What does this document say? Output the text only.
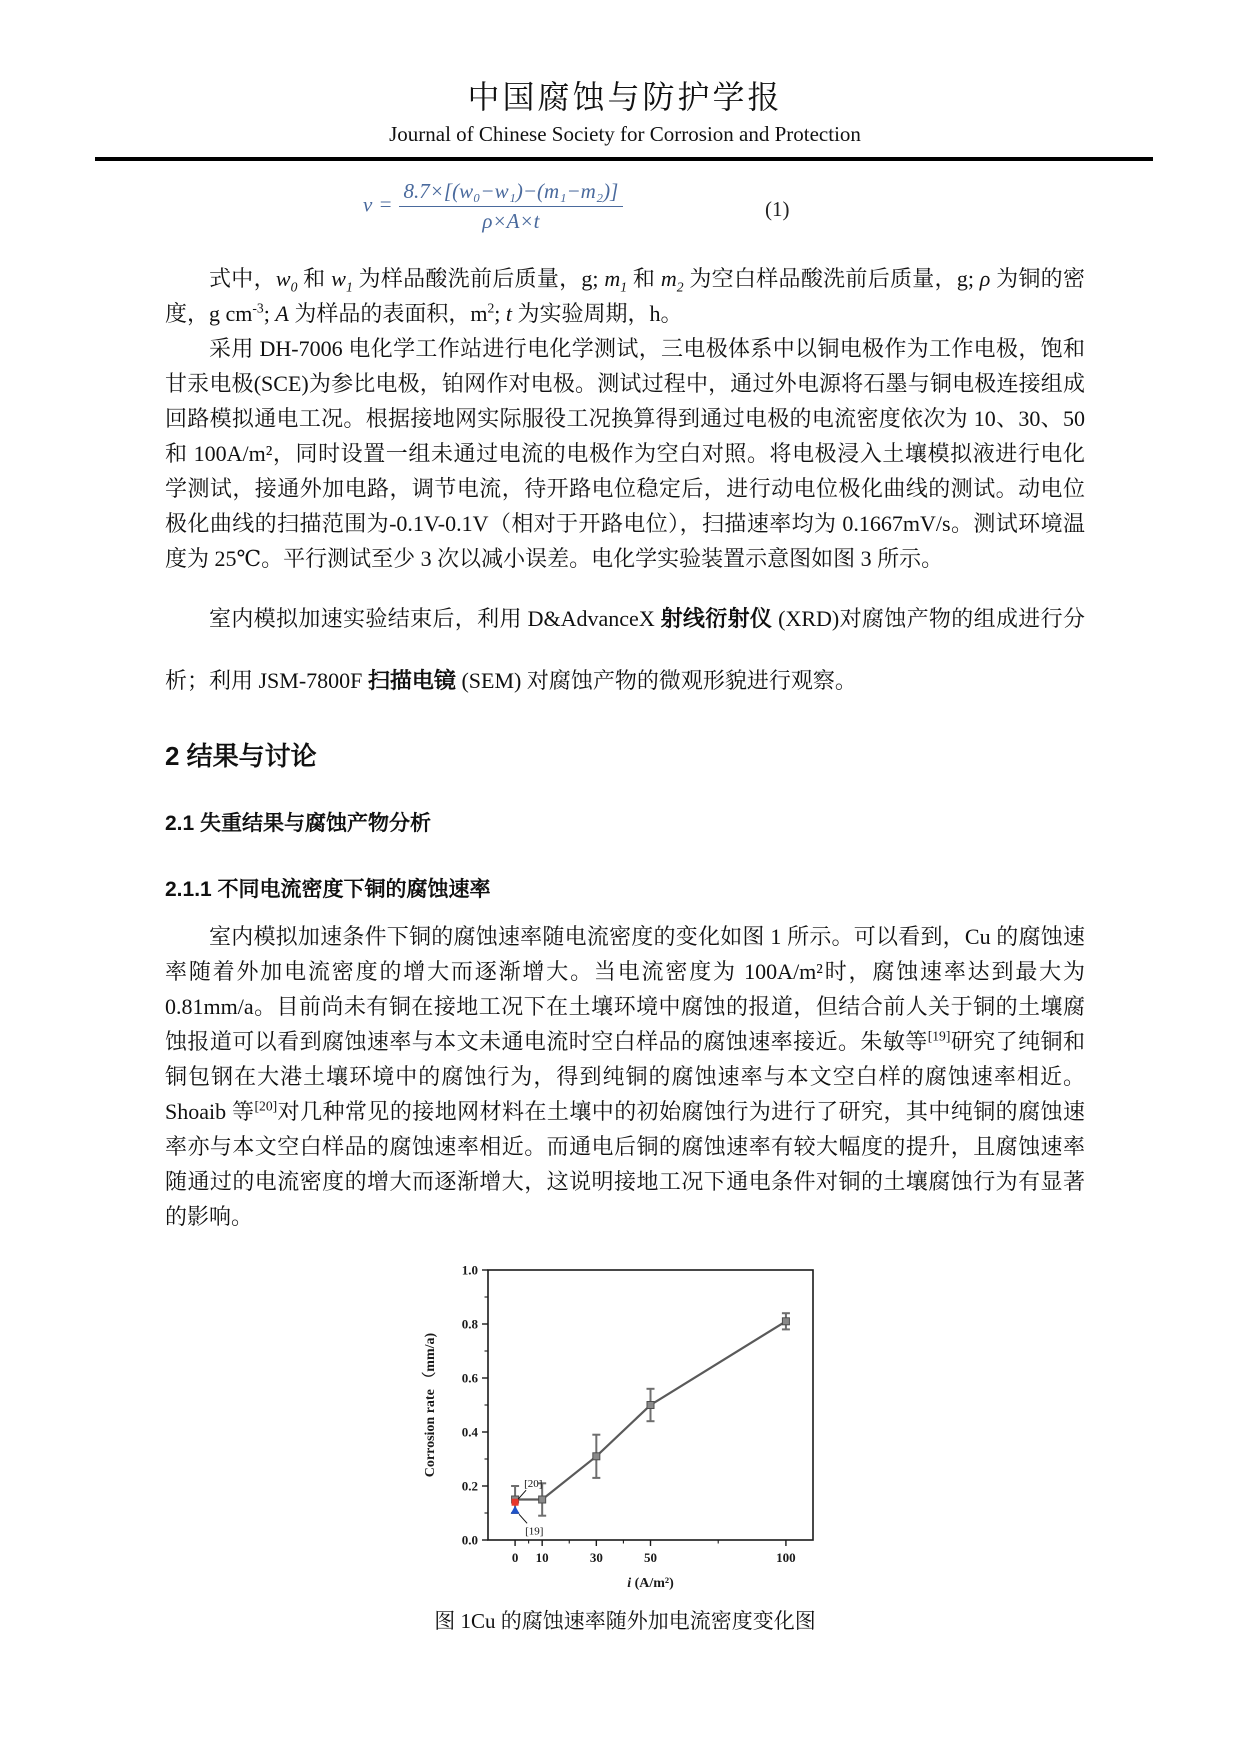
中国腐蚀与防护学报
Journal of Chinese Society for Corrosion and Protection
$v = \frac{\text{8.7×[(w₀−w₁)−(m₁−m₂)]}}{\rho\times A\times t}$	(1)

式中，$w_0$ 和 $w_1$ 为样品酸洗前后质量，g; $m_1$ 和 $m_2$ 为空白样品酸洗前后质量，g; ρ 为铜的密度，g $cm^{-3}$; A 为样品的表面积，$m^2$; t 为实验周期，h。

采用 DH-7006 电化学工作站进行电化学测试，三电极体系中以铜电极作为工作电极，饱和甘汞电极(SCE)为参比电极，铂网作对电极。测试过程中，通过外电源将石墨与铜电极连接组成回路模拟通电工况。根据接地网实际服役工况换算得到通过电极的电流密度依次为 10、30、50 和 100A/m²，同时设置一组未通过电流的电极作为空白对照。将电极浸入土壤模拟液进行电化学测试，接通外加电路，调节电流，待开路电位稳定后，进行动电位极化曲线的测试。动电位极化曲线的扫描范围为-0.1V-0.1V（相对于开路电位），扫描速率均为 0.1667mV/s。测试环境温度为 25℃。平行测试至少 3 次以减小误差。电化学实验装置示意图如图 3 所示。

室内模拟加速实验结束后，利用 D&AdvanceX 射线衍射仪 (XRD)对腐蚀产物的组成进行分析；利用 JSM-7800F 扫描电镜 (SEM) 对腐蚀产物的微观形貌进行观察。

2 结果与讨论
2.1 失重结果与腐蚀产物分析
2.1.1 不同电流密度下铜的腐蚀速率

室内模拟加速条件下铜的腐蚀速率随电流密度的变化如图 1 所示。可以看到，Cu 的腐蚀速率随着外加电流密度的增大而逐渐增大。当电流密度为 100A/m²时，腐蚀速率达到最大为 0.81mm/a。目前尚未有铜在接地工况下在土壤环境中腐蚀的报道，但结合前人关于铜的土壤腐蚀报道可以看到腐蚀速率与本文未通电流时空白样品的腐蚀速率接近。朱敏等[19]研究了纯铜和铜包钢在大港土壤环境中的腐蚀行为，得到纯铜的腐蚀速率与本文空白样的腐蚀速率相近。Shoaib 等[20]对几种常见的接地网材料在土壤中的初始腐蚀行为进行了研究，其中纯铜的腐蚀速率亦与本文空白样品的腐蚀速率相近。而通电后铜的腐蚀速率有较大幅度的提升，且腐蚀速率随通过的电流密度的增大而逐渐增大，这说明接地工况下通电条件对铜的土壤腐蚀行为有显著的影响。

0.0
0.2
0.4
0.6
0.8
1.0
0 10	30	50	100
[20]
[19]
i (A/m²)
Corrosion rate （mm/a)
图 1Cu 的腐蚀速率随外加电流密度变化图
